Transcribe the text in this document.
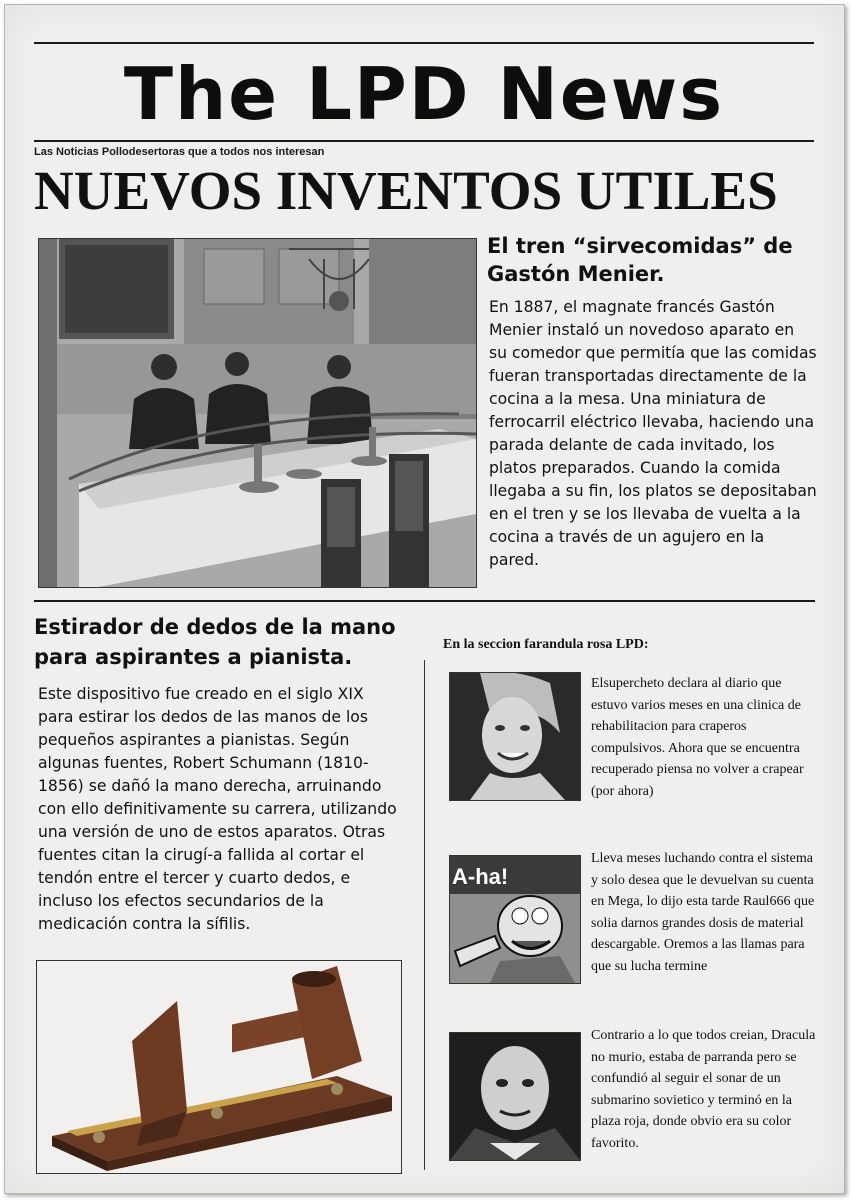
The LPD News
Las Noticias Pollodesertoras que a todos nos interesan
NUEVOS INVENTOS UTILES
El tren “sirvecomidas” de
Gastón Menier.

En 1887, el magnate francés Gastón Menier instaló un novedoso aparato en su comedor que permitía que las comidas fueran transportadas directamente de la cocina a la mesa. Una miniatura de ferrocarril eléctrico llevaba, haciendo una parada delante de cada invitado, los platos preparados. Cuando la comida llegaba a su fin, los platos se depositaban en el tren y se los llevaba de vuelta a la cocina a través de un agujero en la pared.

Estirador de dedos de la mano
para aspirantes a pianista.

Este dispositivo fue creado en el siglo XIX para estirar los dedos de las manos de los pequeños aspirantes a pianistas. Según algunas fuentes, Robert Schumann (1810-1856) se dañó la mano derecha, arruinando con ello definitivamente su carrera, utilizando una versión de uno de estos aparatos. Otras fuentes citan la cirugí-a fallida al cortar el tendón entre el tercer y cuarto dedos, e incluso los efectos secundarios de la medicación contra la sífilis.

En la seccion farandula rosa LPD:

Elsupercheto declara al diario que estuvo varios meses en una clinica de rehabilitacion para craperos compulsivos. Ahora que se encuentra recuperado piensa no volver a crapear (por ahora)

A-ha!

Lleva meses luchando contra el sistema y solo desea que le devuelvan su cuenta en Mega, lo dijo esta tarde Raul666 que solia darnos grandes dosis de material descargable. Oremos a las llamas para que su lucha termine

Contrario a lo que todos creian, Dracula no murio, estaba de parranda pero se confundió al seguir el sonar de un submarino sovietico y terminó en la plaza roja, donde obvio era su color favorito.
